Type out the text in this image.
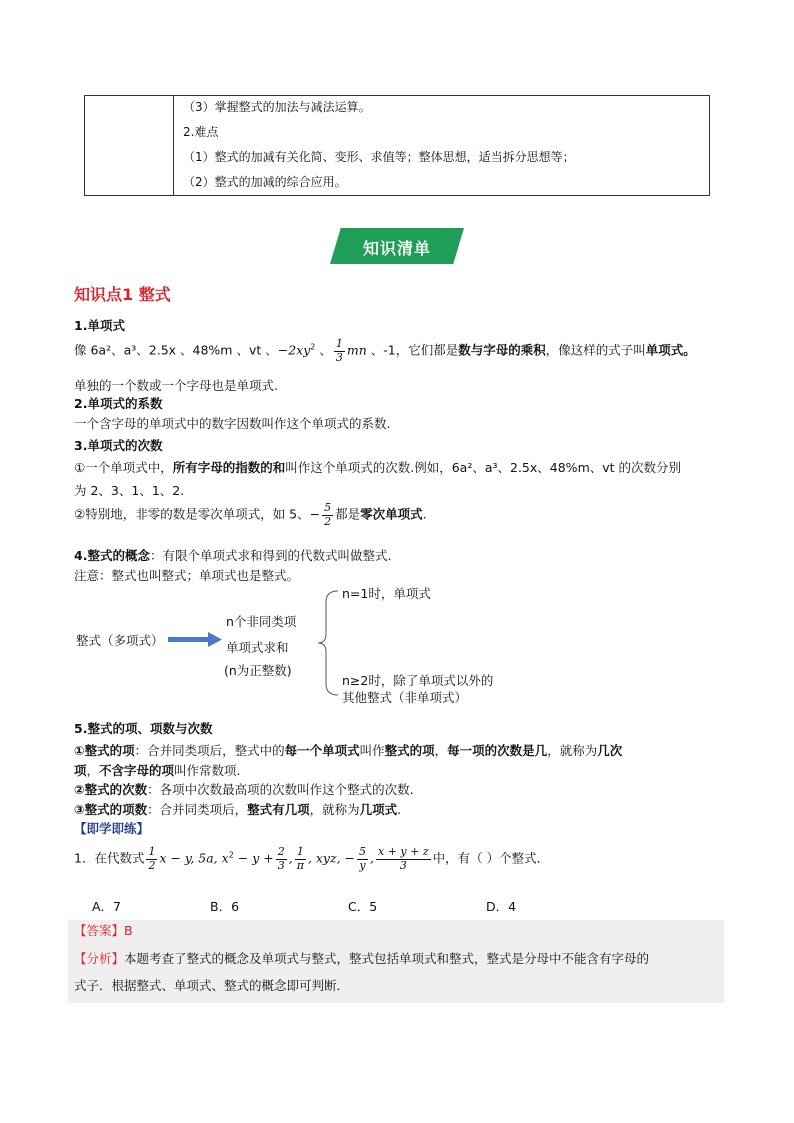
（3）掌握整式的加法与减法运算。
2.难点
（1）整式的加减有关化简、变形、求值等；整体思想，适当拆分思想等；
（2）整式的加减的综合应用。
知识清单
知识点1 整式
1.单项式
像 6a²、a³、2.5x 、48%m 、vt 、$-2xy^2$ 、 $\frac{1}{3}$ mn 、-1，它们都是数与字母的乘积，像这样的式子叫单项式。
单独的一个数或一个字母也是单项式.
2.单项式的系数
一个含字母的单项式中的数字因数叫作这个单项式的系数.
3.单项式的次数
①一个单项式中，所有字母的指数的和叫作这个单项式的次数.例如，6a²、a³、2.5x、48%m、vt 的次数分别
为 2、3、1、1、2.
②特别地，非零的数是零次单项式，如 5、− $\frac{5}{2}$ 都是零次单项式.
4.整式的概念：有限个单项式求和得到的代数式叫做整式.
注意：整式也叫整式；单项式也是整式。
整式（多项式）
n个非同类项
单项式求和
(n为正整数)
n=1时，单项式
n≥2时，除了单项式以外的
其他整式（非单项式）
5.整式的项、项数与次数
①整式的项：合并同类项后，整式中的每一个单项式叫作整式的项，每一项的次数是几，就称为几次
项，不含字母的项叫作常数项.
②整式的次数：各项中次数最高项的次数叫作这个整式的次数.
③整式的项数：合并同类项后，整式有几项，就称为几项式.
【即学即练】
1．在代数式 $\frac{1}{2}$ x − y, 5a, $x^2 - y + \frac{2}{3}$ , $\frac{1}{\pi}$ , xyz, − $\frac{5}{y}$ , $\frac{x + y + z}{3}$ 中，有（ ）个整式．
A．7	B．6	C．5	D．4
【答案】B
【分析】本题考查了整式的概念及单项式与整式，整式包括单项式和整式，整式是分母中不能含有字母的
式子．根据整式、单项式、整式的概念即可判断．
